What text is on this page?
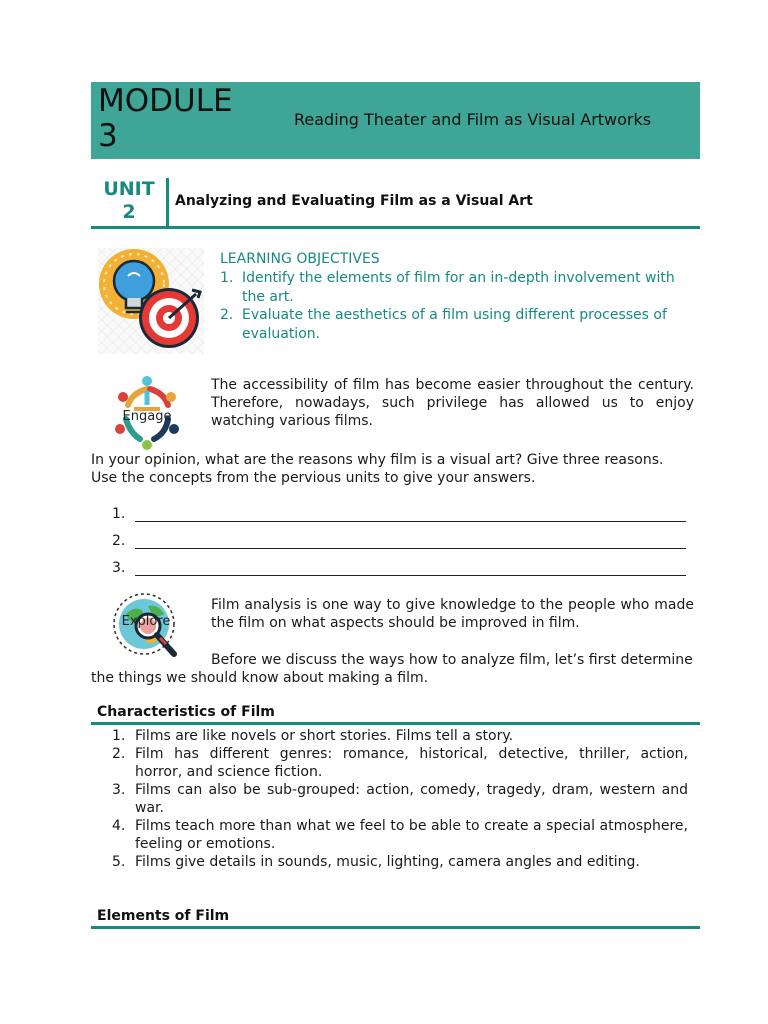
MODULE 3	Reading Theater and Film as Visual Artworks
UNIT 2	Analyzing and Evaluating Film as a Visual Art
LEARNING OBJECTIVES
1. Identify the elements of film for an in-depth involvement with the art.
2. Evaluate the aesthetics of a film using different processes of evaluation.
Engage
The accessibility of film has become easier throughout the century. Therefore, nowadays, such privilege has allowed us to enjoy watching various films.
In your opinion, what are the reasons why film is a visual art? Give three reasons. Use the concepts from the pervious units to give your answers.
1.
2.
3.
Explore
Film analysis is one way to give knowledge to the people who made the film on what aspects should be improved in film.
Before we discuss the ways how to analyze film, let’s first determine the things we should know about making a film.
Characteristics of Film
1. Films are like novels or short stories. Films tell a story.
2. Film has different genres: romance, historical, detective, thriller, action, horror, and science fiction.
3. Films can also be sub-grouped: action, comedy, tragedy, dram, western and war.
4. Films teach more than what we feel to be able to create a special atmosphere, feeling or emotions.
5. Films give details in sounds, music, lighting, camera angles and editing.
Elements of Film
